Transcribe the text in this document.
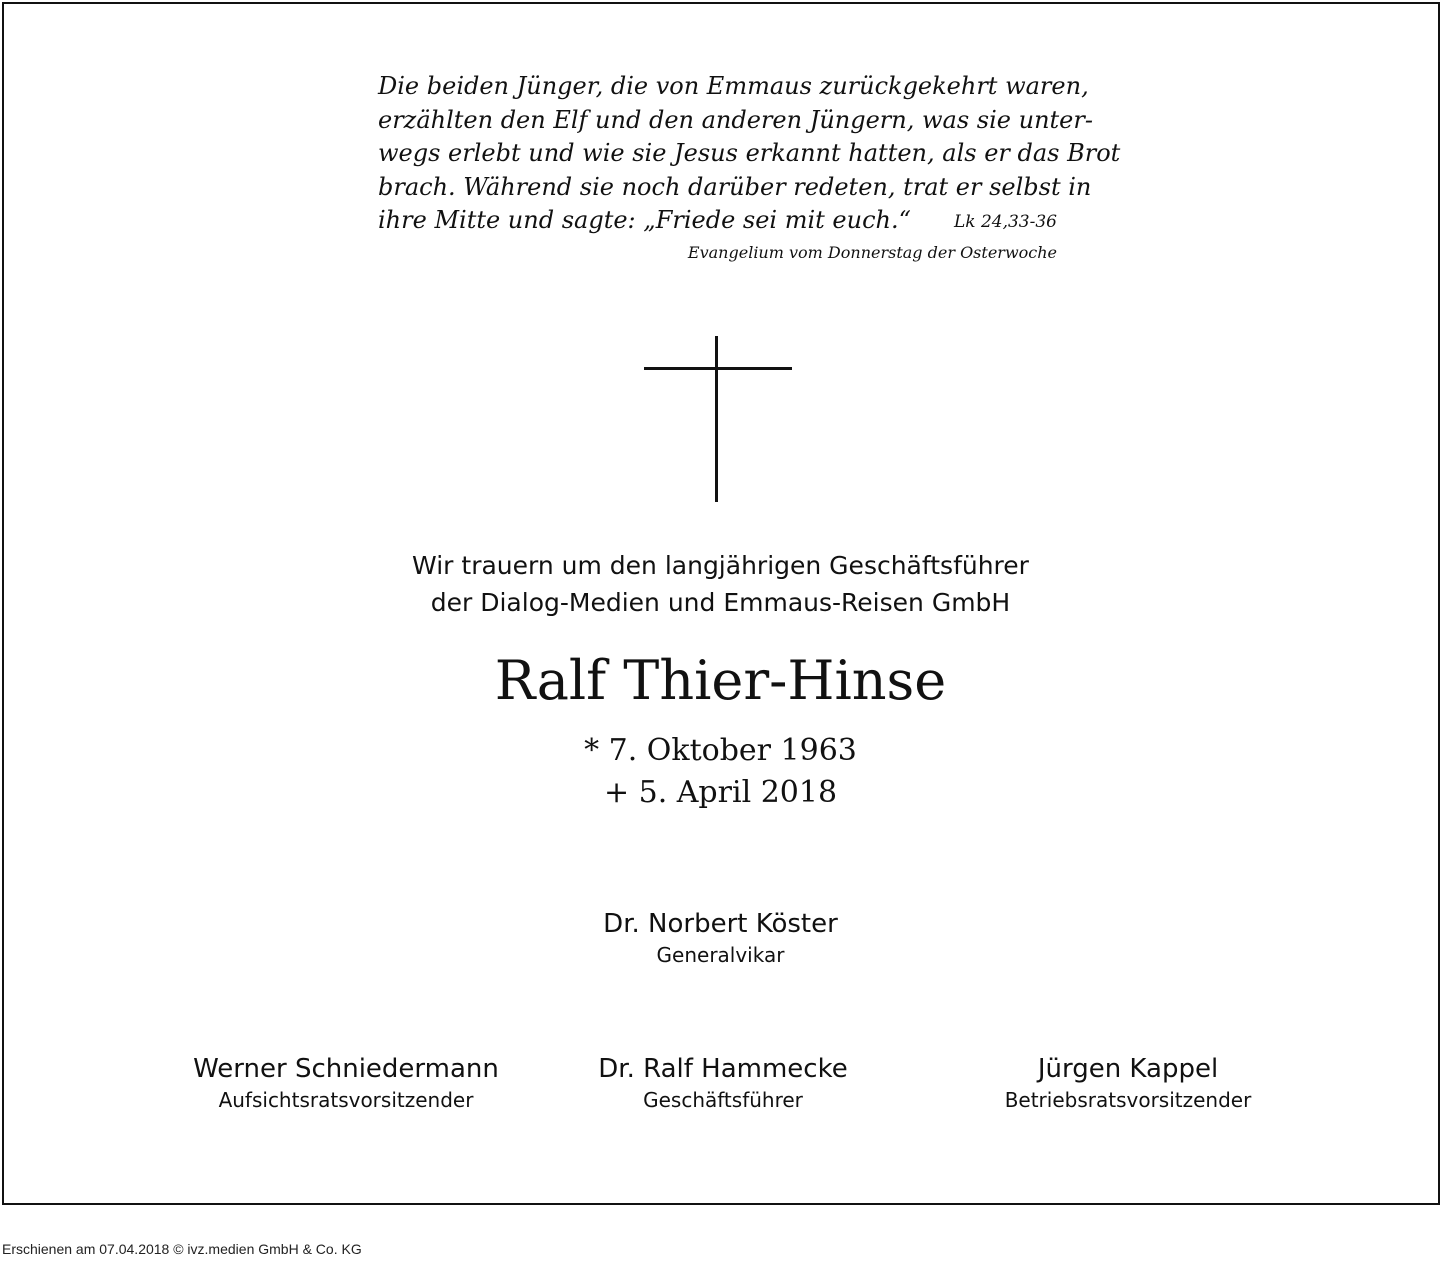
Die beiden Jünger, die von Emmaus zurückgekehrt waren,
erzählten den Elf und den anderen Jüngern, was sie unter-
wegs erlebt und wie sie Jesus erkannt hatten, als er das Brot
brach. Während sie noch darüber redeten, trat er selbst in
ihre Mitte und sagte: „Friede sei mit euch.“	Lk 24,33-36
Evangelium vom Donnerstag der Osterwoche
Wir trauern um den langjährigen Geschäftsführer
der Dialog-Medien und Emmaus-Reisen GmbH
Ralf Thier-Hinse
* 7. Oktober 1963
+ 5. April 2018
Dr. Norbert Köster
Generalvikar
Werner Schniedermann
Aufsichtsratsvorsitzender
Dr. Ralf Hammecke
Geschäftsführer
Jürgen Kappel
Betriebsratsvorsitzender
Erschienen am 07.04.2018 © ivz.medien GmbH & Co. KG
